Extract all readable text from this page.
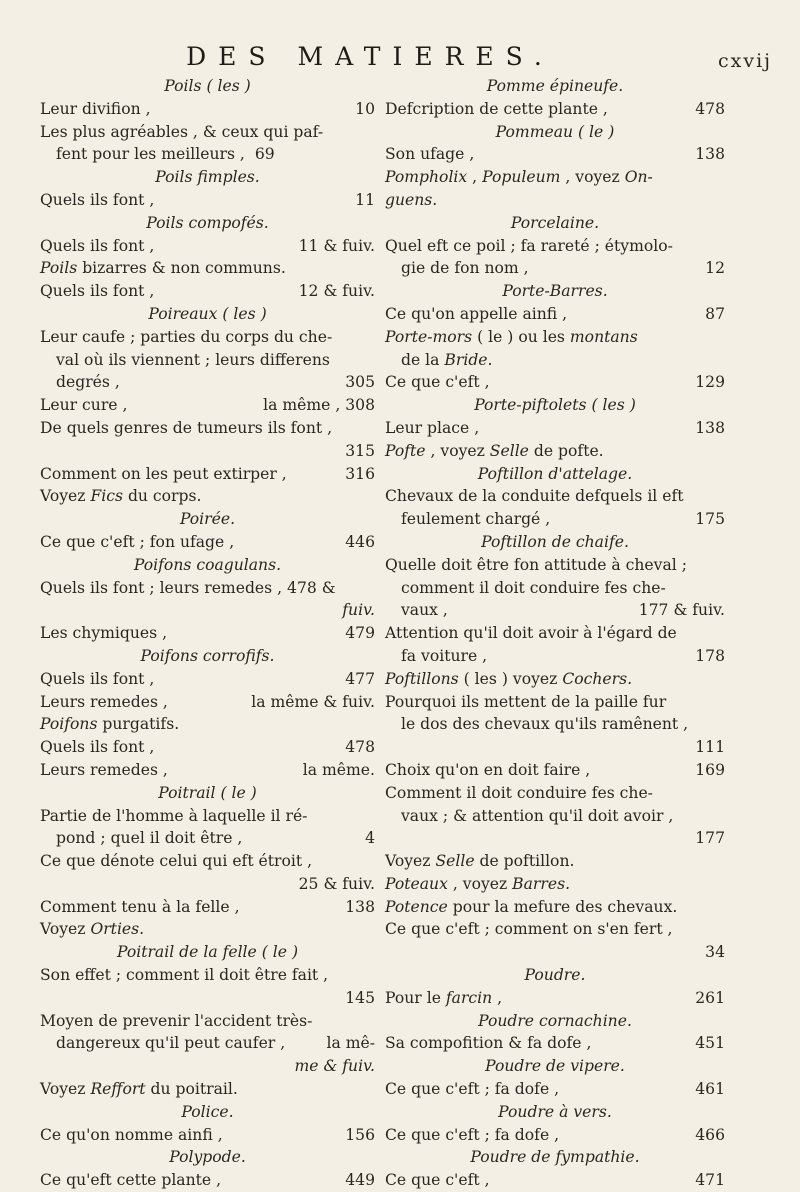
DES MATIERES.	cxvij
Poils ( les )
Leur divifion ,	10
Les plus agréables , & ceux qui paf-
fent pour les meilleurs , 69
Poils fimples.
Quels ils font ,	11
Poils compofés.
Quels ils font ,	11 & fuiv.
Poils bizarres & non communs.
Quels ils font ,	12 & fuiv.
Poireaux ( les )
Leur caufe ; parties du corps du che-
val où ils viennent ; leurs differens
degrés ,	305
Leur cure ,	la même , 308
De quels genres de tumeurs ils font ,
315
Comment on les peut extirper ,	316
Voyez Fics du corps.
Poirée.
Ce que c'eft ; fon ufage ,	446
Poifons coagulans.
Quels ils font ; leurs remedes , 478 &
fuiv.
Les chymiques ,	479
Poifons corrofifs.
Quels ils font ,	477
Leurs remedes ,	la même & fuiv.
Poifons purgatifs.
Quels ils font ,	478
Leurs remedes ,	la même.
Poitrail ( le )
Partie de l'homme à laquelle il ré-
pond ; quel il doit être ,	4
Ce que dénote celui qui eft étroit ,
25 & fuiv.
Comment tenu à la felle ,	138
Voyez Orties.
Poitrail de la felle ( le )
Son effet ; comment il doit être fait ,
145
Moyen de prevenir l'accident très-
dangereux qu'il peut caufer ,	la mê-
me & fuiv.
Voyez Reffort du poitrail.
Police.
Ce qu'on nomme ainfi ,	156
Polypode.
Ce qu'eft cette plante ,	449
Pomme épineufe.
Defcription de cette plante ,	478
Pommeau ( le )
Son ufage ,	138
Pompholix , Populeum , voyez On-
guens.
Porcelaine.
Quel eft ce poil ; fa rareté ; étymolo-
gie de fon nom ,	12
Porte-Barres.
Ce qu'on appelle ainfi ,	87
Porte-mors ( le ) ou les montans
de la Bride.
Ce que c'eft ,	129
Porte-piftolets ( les )
Leur place ,	138
Pofte , voyez Selle de pofte.
Poftillon d'attelage.
Chevaux de la conduite defquels il eft
feulement chargé ,	175
Poftillon de chaife.
Quelle doit être fon attitude à cheval ;
comment il doit conduire fes che-
vaux ,	177 & fuiv.
Attention qu'il doit avoir à l'égard de
fa voiture ,	178
Poftillons ( les ) voyez Cochers.
Pourquoi ils mettent de la paille fur
le dos des chevaux qu'ils ramênent ,
111
Choix qu'on en doit faire ,	169
Comment il doit conduire fes che-
vaux ; & attention qu'il doit avoir ,
177
Voyez Selle de poftillon.
Poteaux , voyez Barres.
Potence pour la mefure des chevaux.
Ce que c'eft ; comment on s'en fert ,
34
Poudre.
Pour le farcin ,	261
Poudre cornachine.
Sa compofition & fa dofe ,	451
Poudre de vipere.
Ce que c'eft ; fa dofe ,	461
Poudre à vers.
Ce que c'eft ; fa dofe ,	466
Poudre de fympathie.
Ce que c'eft ,	471
